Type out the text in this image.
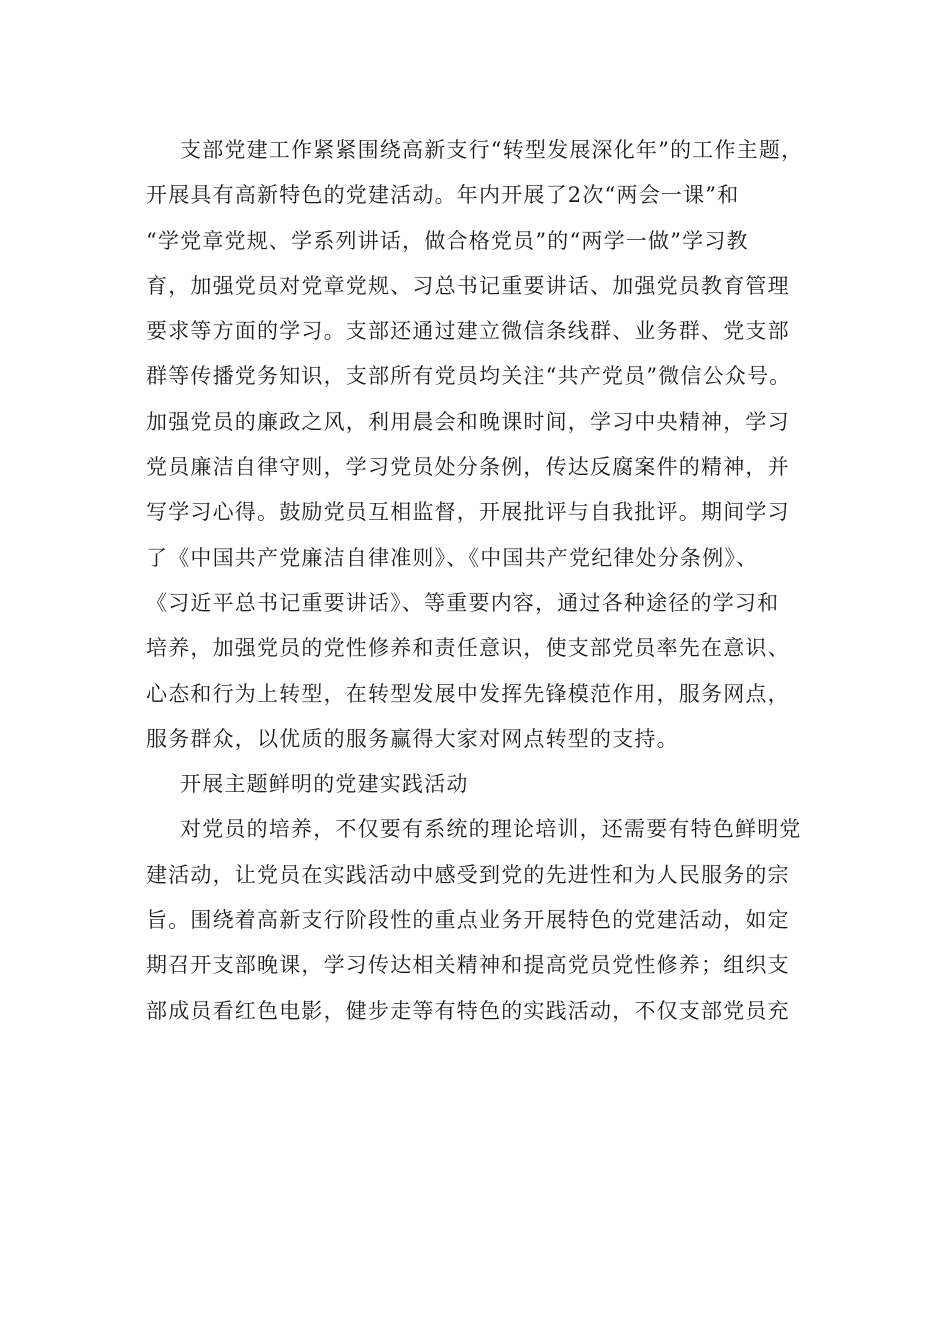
支部党建工作紧紧围绕高新支行“转型发展深化年”的工作主题，
开展具有高新特色的党建活动。年内开展了2次“两会一课”和
“学党章党规、学系列讲话，做合格党员”的“两学一做”学习教
育，加强党员对党章党规、习总书记重要讲话、加强党员教育管理
要求等方面的学习。支部还通过建立微信条线群、业务群、党支部
群等传播党务知识，支部所有党员均关注“共产党员”微信公众号。
加强党员的廉政之风，利用晨会和晚课时间，学习中央精神，学习
党员廉洁自律守则，学习党员处分条例，传达反腐案件的精神，并
写学习心得。鼓励党员互相监督，开展批评与自我批评。期间学习
了《中国共产党廉洁自律准则》、《中国共产党纪律处分条例》、
《习近平总书记重要讲话》、等重要内容，通过各种途径的学习和
培养，加强党员的党性修养和责任意识，使支部党员率先在意识、
心态和行为上转型，在转型发展中发挥先锋模范作用，服务网点，
服务群众，以优质的服务赢得大家对网点转型的支持。
开展主题鲜明的党建实践活动
对党员的培养，不仅要有系统的理论培训，还需要有特色鲜明党
建活动，让党员在实践活动中感受到党的先进性和为人民服务的宗
旨。围绕着高新支行阶段性的重点业务开展特色的党建活动，如定
期召开支部晚课，学习传达相关精神和提高党员党性修养；组织支
部成员看红色电影，健步走等有特色的实践活动，不仅支部党员充
